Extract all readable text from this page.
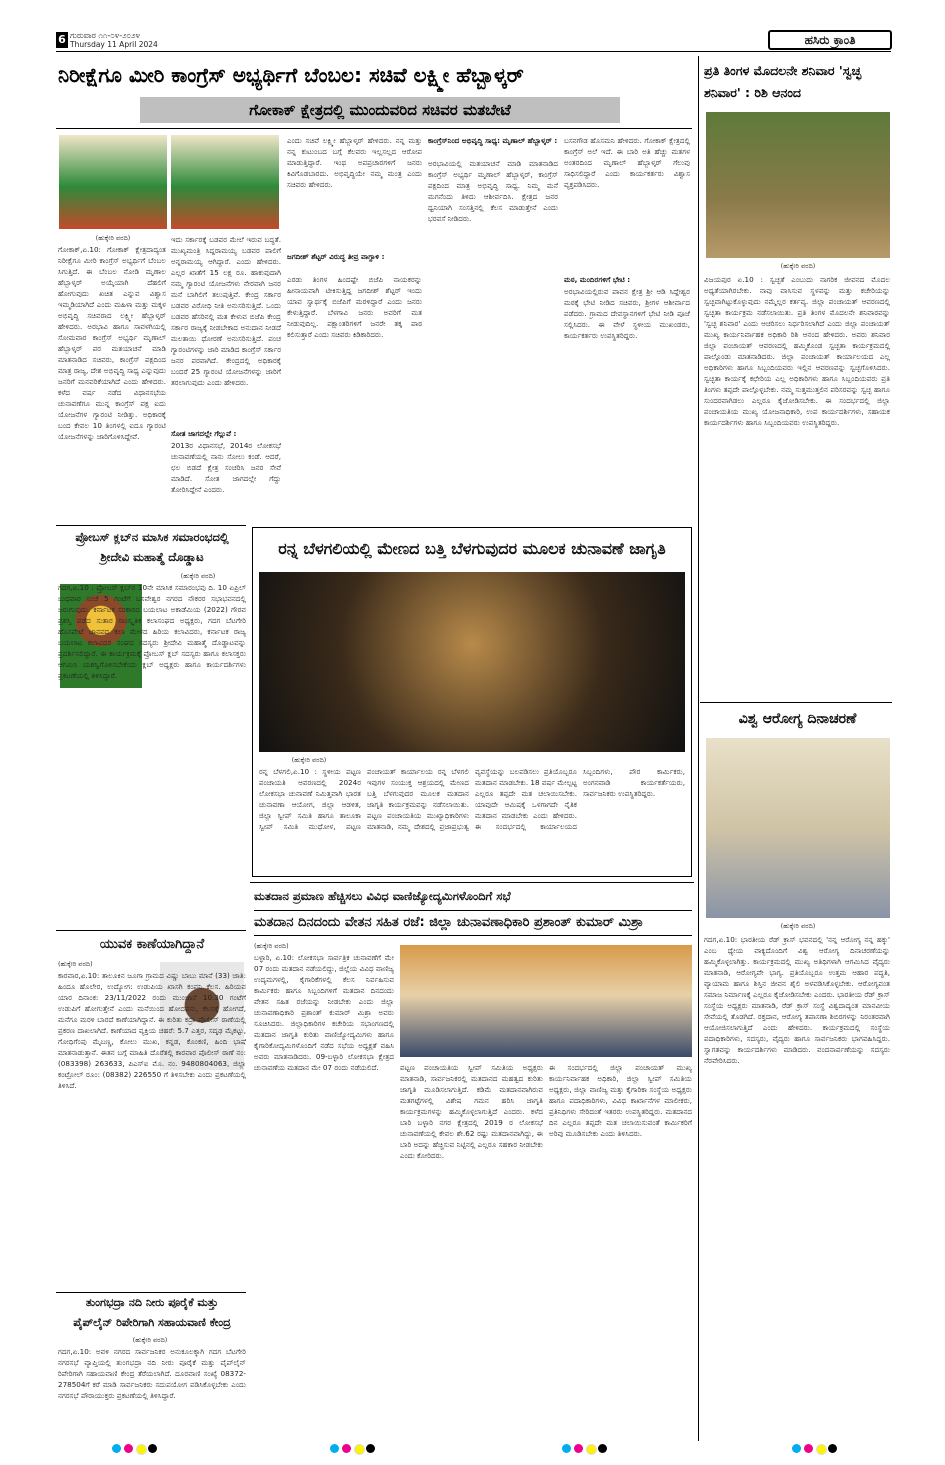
6 ಗುರುವಾರ ೧೧-೦೪-೨೦೨೪
Thursday 11 April 2024	ಹಸಿರು ಕ್ರಾಂತಿ
ನಿರೀಕ್ಷೆಗೂ ಮೀರಿ ಕಾಂಗ್ರೆಸ್ ಅಭ್ಯರ್ಥಿಗೆ ಬೆಂಬಲ: ಸಚಿವೆ ಲಕ್ಷ್ಮೀ ಹೆಬ್ಬಾಳ್ಕರ್
ಗೋಕಾಕ್ ಕ್ಷೇತ್ರದಲ್ಲಿ ಮುಂದುವರಿದ ಸಚಿವರ ಮತಬೇಟೆ
(ಹುಕ್ಕೇರಿ ವರದಿ)
ಗೋಕಾಕ್,ಏ.10: ಗೋಕಾಕ್ ಕ್ಷೇತ್ರದಾದ್ಯಂತ ನಿರೀಕ್ಷೆಗೂ ಮೀರಿ ಕಾಂಗ್ರೆಸ್ ಅಭ್ಯರ್ಥಿಗೆ ಬೆಂಬಲ ಸಿಗುತ್ತಿದೆ. ಈ ಬೆಂಬಲ ನೋಡಿ ಮೃಣಾಲ ಹೆಬ್ಬಾಳ್ಕರ್ ಅಯ್ಕೆಯಾಗಿ ದೆಹಲಿಗೆ ಹೋಗುವುದು ಖಚಿತ ಎನ್ನುವ ವಿಶ್ವಾಸ ಇಮ್ಮಡಿಯಾಗಿದೆ ಎಂದು ಮಹಿಳಾ ಮತ್ತು ಮಕ್ಕಳ ಅಭಿವೃದ್ಧಿ ಸಚಿವರಾದ ಲಕ್ಷ್ಮೀ ಹೆಬ್ಬಾಳ್ಕರ್ ಹೇಳಿದರು. ಅರಭಾವಿ ಹಾಗೂ ಸಾವಳಗಿಯಲ್ಲಿ ಸೋಮವಾರ ಕಾಂಗ್ರೆಸ್ ಅಭ್ಯರ್ಥಿ ಮೃಣಾಲ್ ಹೆಬ್ಬಾಳ್ಕರ್ ಪರ ಮತಯಾಚನೆ ಮಾಡಿ ಮಾತನಾಡಿದ ಸಚಿವರು, ಕಾಂಗ್ರೆಸ್ ಪಕ್ಷದಿಂದ ಮಾತ್ರ ರಾಜ್ಯ, ದೇಶ ಅಭಿವೃದ್ಧಿ ಸಾಧ್ಯ ಎನ್ನುವುದು ಜನರಿಗೆ ಮನವರಿಕೆಯಾಗಿದೆ ಎಂದು ಹೇಳಿದರು. ಕಳೆದ ವರ್ಷ ನಡೆದ ವಿಧಾನಸಭೆಯ ಚುನಾವಣೆಗೂ ಮುನ್ನ ಕಾಂಗ್ರೆಸ್ ಪಕ್ಷ ಐದು ಯೋಜನೆಗಳ ಗ್ಯಾರಂಟಿ ನೀಡಿತ್ತು. ಅಧಿಕಾರಕ್ಕೆ ಬಂದ ಕೇವಲ 10 ತಿಂಗಳಲ್ಲಿ ಐದೂ ಗ್ಯಾರಂಟಿ ಯೋಜನೆಗಳನ್ನು ಜಾರಿಗೊಳಿಸಿದ್ದೇವೆ.
ಇದು ಸರ್ಕಾರಕ್ಕೆ ಬಡವರ ಮೇಲೆ ಇರುವ ಬದ್ಧತೆ. ಮುಖ್ಯಮಂತ್ರಿ ಸಿದ್ದರಾಮಯ್ಯ ಬಡವರ ಪಾಲಿಗೆ ಅನ್ನರಾಮಯ್ಯ ಆಗಿದ್ದಾರೆ. ಎಂದು ಹೇಳಿದರು. ಎಲ್ಲರ ಖಾತೆಗೆ 15 ಲಕ್ಷ ರೂ. ಹಾಕುವುದಾಗಿ ನಮ್ಮ ಗ್ಯಾರಂಟಿ ಯೋಜನೆಗಳು ನೇರವಾಗಿ ಜನರ ಮನೆ ಬಾಗಿಲಿಗೆ ತಲುಪುತ್ತಿವೆ. ಕೇಂದ್ರ ಸರ್ಕಾರ ಬಡವರ ವಿರೋಧಿ ನೀತಿ ಅನುಸರಿಸುತ್ತಿದೆ. ಒಂದು ಬಡವರ ಹೆಸರಿನಲ್ಲಿ ಮತ ಕೇಳುವ ಬಿಜೆಪಿ ಕೇಂದ್ರ ಸರ್ಕಾರ ರಾಜ್ಯಕ್ಕೆ ನೀಡಬೇಕಾದ ಅನುದಾನ ನೀಡದೆ ಮಲತಾಯಿ ಧೋರಣೆ ಅನುಸರಿಸುತ್ತಿದೆ. ಪಂಚ ಗ್ಯಾರಂಟಿಗಳನ್ನು ಜಾರಿ ಮಾಡಿದ ಕಾಂಗ್ರೆಸ್ ಸರ್ಕಾರ ಜನರ ಪರವಾಗಿದೆ. ಕೇಂದ್ರದಲ್ಲಿ ಅಧಿಕಾರಕ್ಕೆ ಬಂದರೆ 25 ಗ್ಯಾರಂಟಿ ಯೋಜನೆಗಳನ್ನು ಜಾರಿಗೆ ತರಲಾಗುವುದು ಎಂದು ಹೇಳಿದರು.
ಸೋತ ಜಾಗದಲ್ಲೇ ಗೆಲ್ಲುವೆ :
2013ರ ವಿಧಾನಸಭೆ, 2014ರ ಲೋಕಸಭೆ ಚುನಾವಣೆಯಲ್ಲಿ ನಾನು ಸೋಲು ಕಂಡೆ. ಆದರೆ, ಛಲ ಬಿಡದೆ ಕ್ಷೇತ್ರ ಸಂಚರಿಸಿ ಜನರ ಸೇವೆ ಮಾಡಿದೆ. ಸೋತ ಜಾಗದಲ್ಲೇ ಗೆದ್ದು ತೋರಿಸಿದ್ದೇನೆ ಎಂದರು.
ಎಂದು ಸಚಿವೆ ಲಕ್ಷ್ಮೀ ಹೆಬ್ಬಾಳ್ಕರ್ ಹೇಳಿದರು. ನನ್ನ ಮತ್ತು ನನ್ನ ಕುಟುಂಬದ ಬಗ್ಗೆ ಕೆಲವರು ಇಲ್ಲಸಲ್ಲದ ಆರೋಪ ಮಾಡುತ್ತಿದ್ದಾರೆ. ಇಂಥ ಅಪಪ್ರಚಾರಗಳಿಗೆ ಜನರು ಕಿವಿಗೊಡಬಾರದು. ಅಭಿವೃದ್ಧಿಯೇ ನಮ್ಮ ಮಂತ್ರ ಎಂದು ಸಚಿವರು ಹೇಳಿದರು.
ಜಗದೀಶ್ ಶೆಟ್ಟರ್ ವಿರುದ್ಧ ತೀವ್ರ ವಾಗ್ದಾಳಿ :
ಎರಡು ತಿಂಗಳ ಹಿಂದಷ್ಟೇ ಬಿಜೆಪಿ ನಾಯಕರನ್ನು ಹೀನಾಯವಾಗಿ ಟೀಕಿಸುತ್ತಿದ್ದ ಜಗದೀಶ್ ಶೆಟ್ಟರ್ ಇಂದು ಯಾವ ಸ್ವಾರ್ಥಕ್ಕೆ ಬಿಜೆಪಿಗೆ ಮರಳಿದ್ದಾರೆ ಎಂದು ಜನರು ಕೇಳುತ್ತಿದ್ದಾರೆ. ಬೆಳಗಾವಿ ಜನರು ಅವರಿಗೆ ಮತ ನೀಡುವುದಿಲ್ಲ. ಪಕ್ಷಾಂತರಿಗಳಿಗೆ ಜನರೇ ತಕ್ಕ ಪಾಠ ಕಲಿಸುತ್ತಾರೆ ಎಂದು ಸಚಿವರು ಕಿಡಿಕಾರಿದರು.
ಕಾಂಗ್ರೆಸ್‌ನಿಂದ ಅಭಿವೃದ್ಧಿ ಸಾಧ್ಯ: ಮೃಣಾಲ್ ಹೆಬ್ಬಾಳ್ಕರ್ :
ಅರಭಾವಿಯಲ್ಲಿ ಮತಯಾಚನೆ ಮಾಡಿ ಮಾತನಾಡಿದ ಕಾಂಗ್ರೆಸ್ ಅಭ್ಯರ್ಥಿ ಮೃಣಾಲ್ ಹೆಬ್ಬಾಳ್ಕರ್, ಕಾಂಗ್ರೆಸ್ ಪಕ್ಷದಿಂದ ಮಾತ್ರ ಅಭಿವೃದ್ಧಿ ಸಾಧ್ಯ. ನಿಮ್ಮ ಮನೆ ಮಗನೆಂದು ತಿಳಿದು ಆಶೀರ್ವದಿಸಿ. ಕ್ಷೇತ್ರದ ಜನರ ಧ್ವನಿಯಾಗಿ ಸಂಸತ್ತಿನಲ್ಲಿ ಕೆಲಸ ಮಾಡುತ್ತೇನೆ ಎಂದು ಭರವಸೆ ನೀಡಿದರು.
ಬಸನಗೌಡ ಹೊಸಮನಿ ಹೇಳಿದರು. ಗೋಕಾಕ್ ಕ್ಷೇತ್ರದಲ್ಲಿ ಕಾಂಗ್ರೆಸ್ ಅಲೆ ಇದೆ. ಈ ಬಾರಿ ಅತಿ ಹೆಚ್ಚು ಮತಗಳ ಅಂತರದಿಂದ ಮೃಣಾಲ್ ಹೆಬ್ಬಾಳ್ಕರ್ ಗೆಲುವು ಸಾಧಿಸಲಿದ್ದಾರೆ ಎಂದು ಕಾರ್ಯಕರ್ತರು ವಿಶ್ವಾಸ ವ್ಯಕ್ತಪಡಿಸಿದರು.
ಮಠ, ಮಂದಿರಗಳಿಗೆ ಭೇಟಿ :
ಅರಭಾವಿಯಲ್ಲಿರುವ ಪಾವನ ಕ್ಷೇತ್ರ ಶ್ರೀ ಆಡಿ ಸಿದ್ದೇಶ್ವರ ಮಠಕ್ಕೆ ಭೇಟಿ ನೀಡಿದ ಸಚಿವರು, ಶ್ರೀಗಳ ಆಶೀರ್ವಾದ ಪಡೆದರು. ಗ್ರಾಮದ ದೇವಸ್ಥಾನಗಳಿಗೆ ಭೇಟಿ ನೀಡಿ ಪೂಜೆ ಸಲ್ಲಿಸಿದರು. ಈ ವೇಳೆ ಸ್ಥಳೀಯ ಮುಖಂಡರು, ಕಾರ್ಯಕರ್ತರು ಉಪಸ್ಥಿತರಿದ್ದರು.
ಪ್ರತಿ ತಿಂಗಳ ಮೊದಲನೇ ಶನಿವಾರ 'ಸ್ವಚ್ಛ ಶನಿವಾರ' : ರಿಶಿ ಆನಂದ
(ಹುಕ್ಕೇರಿ ವರದಿ)
ವಿಜಯಪುರ ಏ.10 : ಸ್ವಚ್ಛತೆ ಎಂಬುದು ನಾಗರಿಕ ಜೀವನದ ಮೊದಲ ಅಧ್ಯತೆಯಾಗಿರಬೇಕು. ನಾವು ವಾಸಿಸುವ ಸ್ಥಳವನ್ನು ಮತ್ತು ಕಚೇರಿಯನ್ನು ಸ್ವಚ್ಛವಾಗಿಟ್ಟುಕೊಳ್ಳುವುದು ನಮ್ಮೆಲ್ಲರ ಕರ್ತವ್ಯ. ಜಿಲ್ಲಾ ಪಂಚಾಯತ್ ಆವರಣದಲ್ಲಿ ಸ್ವಚ್ಛತಾ ಕಾರ್ಯಕ್ರಮ ನಡೆಸಲಾಯಿತು. ಪ್ರತಿ ತಿಂಗಳ ಮೊದಲನೇ ಶನಿವಾರವನ್ನು 'ಸ್ವಚ್ಛ ಶನಿವಾರ' ಎಂದು ಆಚರಿಸಲು ನಿರ್ಧರಿಸಲಾಗಿದೆ ಎಂದು ಜಿಲ್ಲಾ ಪಂಚಾಯತ್ ಮುಖ್ಯ ಕಾರ್ಯನಿರ್ವಾಹಕ ಅಧಿಕಾರಿ ರಿಶಿ ಆನಂದ ಹೇಳಿದರು. ಅವರು ಶನಿವಾರ ಜಿಲ್ಲಾ ಪಂಚಾಯತ್ ಆವರಣದಲ್ಲಿ ಹಮ್ಮಿಕೊಂಡ ಸ್ವಚ್ಛತಾ ಕಾರ್ಯಕ್ರಮದಲ್ಲಿ ಪಾಲ್ಗೊಂಡು ಮಾತನಾಡಿದರು. ಜಿಲ್ಲಾ ಪಂಚಾಯತ್ ಕಾರ್ಯಾಲಯದ ಎಲ್ಲ ಅಧಿಕಾರಿಗಳು ಹಾಗೂ ಸಿಬ್ಬಂದಿಯವರು ಇಲ್ಲಿನ ಆವರಣವನ್ನು ಸ್ವಚ್ಛಗೊಳಿಸಿದರು. ಸ್ವಚ್ಛತಾ ಕಾರ್ಯಕ್ಕೆ ಕಛೇರಿಯ ಎಲ್ಲ ಅಧಿಕಾರಿಗಳು ಹಾಗೂ ಸಿಬ್ಬಂದಿಯವರು ಪ್ರತಿ ತಿಂಗಳು ತಪ್ಪದೇ ಪಾಲ್ಗೊಳ್ಳಬೇಕು. ನಮ್ಮ ಸುತ್ತಮುತ್ತಲಿನ ಪರಿಸರವನ್ನು ಸ್ವಚ್ಛ ಹಾಗೂ ಸುಂದರವಾಗಿಡಲು ಎಲ್ಲರೂ ಕೈಜೋಡಿಸಬೇಕು. ಈ ಸಂದರ್ಭದಲ್ಲಿ ಜಿಲ್ಲಾ ಪಂಚಾಯತಿಯ ಮುಖ್ಯ ಯೋಜನಾಧಿಕಾರಿ, ಉಪ ಕಾರ್ಯದರ್ಶಿಗಳು, ಸಹಾಯಕ ಕಾರ್ಯದರ್ಶಿಗಳು ಹಾಗೂ ಸಿಬ್ಬಂದಿಯವರು ಉಪಸ್ಥಿತರಿದ್ದರು.
ಪ್ರೋಬಸ್ ಕ್ಲಬ್‌ನ ಮಾಸಿಕ ಸಮಾರಂಭದಲ್ಲಿ
ಶ್ರೀದೇವಿ ಮಹಾತ್ಮೆ ದೊಡ್ಡಾಟ
(ಹುಕ್ಕೇರಿ ವರದಿ)
ಗದಗ,ಏ.10 : ಪ್ರೋಬಸ್ ಕ್ಲಬ್‌ನ 10ನೇ ಮಾಸಿಕ ಸಮಾರಂಭವು ದಿ. 10 ಏಪ್ರಿಲ್ ಬುಧವಾರ ಸಂಜೆ 5 ಗಂಟೆಗೆ ಬಸವೇಶ್ವರ ನಗರದ ನೌಕರರ ಸಭಾಭವನದಲ್ಲಿ ಜರುಗುವುದು. ಕರ್ನಾಟಕ ಸರಕಾರದ ಬಯಲಾಟ ಅಕಾಡೆಮಿಯ (2022) ಗೌರವ ಪ್ರಶಸ್ತಿ ಪಡೆದ ಸುತಾರ ಸಾಂಸ್ಕೃತಿಕ ಕಲಾಸಂಘದ ಅಧ್ಯಕ್ಷರು, ಗದಗ ಬೆಟಗೇರಿ ಹೊಸಪೇಟೆ ಜಾನಪದ ಕಲಾ ಮೇಳದ ಹಿರಿಯ ಕಲಾವಿದರು, ಕರ್ನಾಟಕ ರಾಜ್ಯ ಬಯಲಾಟ ಕಲಾವಿದರ ಸಂಘದ ಸದಸ್ಯರು ಶ್ರೀದೇವಿ ಮಹಾತ್ಮೆ ದೊಡ್ಡಾಟವನ್ನು ಪ್ರದರ್ಶಿಸಲಿದ್ದಾರೆ. ಈ ಕಾರ್ಯಕ್ರಮಕ್ಕೆ ಪ್ರೋಬಸ್ ಕ್ಲಬ್ ಸದಸ್ಯರು ಹಾಗೂ ಕಲಾಸಕ್ತರು ಆಗಮಿಸಿ ಯಶಸ್ವಿಗೊಳಿಸಬೇಕೆಂದು ಕ್ಲಬ್ ಅಧ್ಯಕ್ಷರು ಹಾಗೂ ಕಾರ್ಯದರ್ಶಿಗಳು ಪ್ರಕಟಣೆಯಲ್ಲಿ ತಿಳಿಸಿದ್ದಾರೆ.
ರನ್ನ ಬೆಳಗಲಿಯಲ್ಲಿ ಮೇಣದ ಬತ್ತಿ ಬೆಳಗುವುದರ ಮೂಲಕ ಚುನಾವಣೆ ಜಾಗೃತಿ
(ಹುಕ್ಕೇರಿ ವರದಿ)
ರನ್ನ ಬೆಳಗಲಿ,ಏ.10 : ಸ್ಥಳೀಯ ಪಟ್ಟಣ ಪಂಚಾಯತಿ ಆವರಣದಲ್ಲಿ 2024ರ ಲೋಕಸಭಾ ಚುನಾವಣೆ ನಿಮಿತ್ತವಾಗಿ ಭಾರತ ಚುನಾವಣಾ ಆಯೋಗ, ಜಿಲ್ಲಾ ಆಡಳಿತ, ಜಿಲ್ಲಾ ಸ್ವೀಪ್ ಸಮಿತಿ ಹಾಗೂ ತಾಲೂಕಾ ಸ್ವೀಪ್ ಸಮಿತಿ ಮುಧೋಳ, ಪಟ್ಟಣ ಪಂಚಾಯತ್ ಕಾರ್ಯಾಲಯ ರನ್ನ ಬೆಳಗಲಿ ಇವುಗಳ ಸಂಯುಕ್ತ ಆಶ್ರಯದಲ್ಲಿ ಮೇಣದ ಬತ್ತಿ ಬೆಳಗುವುದರ ಮೂಲಕ ಮತದಾನ ಜಾಗೃತಿ ಕಾರ್ಯಕ್ರಮವನ್ನು ನಡೆಸಲಾಯಿತು. ಪಟ್ಟಣ ಪಂಚಾಯತಿಯ ಮುಖ್ಯಾಧಿಕಾರಿಗಳು ಮಾತನಾಡಿ, ನಮ್ಮ ದೇಶದಲ್ಲಿ ಪ್ರಜಾಪ್ರಭುತ್ವ ವ್ಯವಸ್ಥೆಯನ್ನು ಬಲಪಡಿಸಲು ಪ್ರತಿಯೊಬ್ಬರೂ ಮತದಾನ ಮಾಡಬೇಕು. 18 ವರ್ಷ ಮೇಲ್ಪಟ್ಟ ಎಲ್ಲರೂ ತಪ್ಪದೇ ಮತ ಚಲಾಯಿಸಬೇಕು. ಯಾವುದೇ ಆಮಿಷಕ್ಕೆ ಒಳಗಾಗದೇ ನೈತಿಕ ಮತದಾನ ಮಾಡಬೇಕು ಎಂದು ಹೇಳಿದರು. ಈ ಸಂದರ್ಭದಲ್ಲಿ ಕಾರ್ಯಾಲಯದ ಸಿಬ್ಬಂದಿಗಳು, ಪೌರ ಕಾರ್ಮಿಕರು, ಅಂಗನವಾಡಿ ಕಾರ್ಯಕರ್ತೆಯರು, ಸಾರ್ವಜನಿಕರು ಉಪಸ್ಥಿತರಿದ್ದರು.
ವಿಶ್ವ ಆರೋಗ್ಯ ದಿನಾಚರಣೆ
(ಹುಕ್ಕೇರಿ ವರದಿ)
ಗದಗ,ಏ.10: ಭಾರತೀಯ ರೆಡ್ ಕ್ರಾಸ್ ಭವನದಲ್ಲಿ 'ನನ್ನ ಆರೋಗ್ಯ ನನ್ನ ಹಕ್ಕು' ಎಂಬ ಧ್ಯೇಯ ವಾಕ್ಯದೊಂದಿಗೆ ವಿಶ್ವ ಆರೋಗ್ಯ ದಿನಾಚರಣೆಯನ್ನು ಹಮ್ಮಿಕೊಳ್ಳಲಾಗಿತ್ತು. ಕಾರ್ಯಕ್ರಮದಲ್ಲಿ ಮುಖ್ಯ ಅತಿಥಿಗಳಾಗಿ ಆಗಮಿಸಿದ ವೈದ್ಯರು ಮಾತನಾಡಿ, ಆರೋಗ್ಯವೇ ಭಾಗ್ಯ. ಪ್ರತಿಯೊಬ್ಬರೂ ಉತ್ತಮ ಆಹಾರ ಪದ್ಧತಿ, ವ್ಯಾಯಾಮ ಹಾಗೂ ಶಿಸ್ತಿನ ಜೀವನ ಶೈಲಿ ಅಳವಡಿಸಿಕೊಳ್ಳಬೇಕು. ಆರೋಗ್ಯವಂತ ಸಮಾಜ ನಿರ್ಮಾಣಕ್ಕೆ ಎಲ್ಲರೂ ಕೈಜೋಡಿಸಬೇಕು ಎಂದರು. ಭಾರತೀಯ ರೆಡ್ ಕ್ರಾಸ್ ಸಂಸ್ಥೆಯ ಅಧ್ಯಕ್ಷರು ಮಾತನಾಡಿ, ರೆಡ್ ಕ್ರಾಸ್ ಸಂಸ್ಥೆ ವಿಶ್ವದಾದ್ಯಂತ ಮಾನವೀಯ ಸೇವೆಯಲ್ಲಿ ತೊಡಗಿದೆ. ರಕ್ತದಾನ, ಆರೋಗ್ಯ ತಪಾಸಣಾ ಶಿಬಿರಗಳನ್ನು ನಿರಂತರವಾಗಿ ಆಯೋಜಿಸಲಾಗುತ್ತಿದೆ ಎಂದು ಹೇಳಿದರು. ಕಾರ್ಯಕ್ರಮದಲ್ಲಿ ಸಂಸ್ಥೆಯ ಪದಾಧಿಕಾರಿಗಳು, ಸದಸ್ಯರು, ವೈದ್ಯರು ಹಾಗೂ ಸಾರ್ವಜನಿಕರು ಭಾಗವಹಿಸಿದ್ದರು. ಸ್ವಾಗತವನ್ನು ಕಾರ್ಯದರ್ಶಿಗಳು ಮಾಡಿದರು. ವಂದನಾರ್ಪಣೆಯನ್ನು ಸದಸ್ಯರು ನೆರವೇರಿಸಿದರು.
ಯುವಕ ಕಾಣೆಯಾಗಿದ್ದಾನೆ
(ಹುಕ್ಕೇರಿ ವರದಿ)
ಕಾರವಾರ,ಏ.10: ತಾಲೂಕಿನ ಜೂಗಾ ಗ್ರಾಮದ ವಿಷ್ಣು ಬಾಬು ಮಾನೆ (33) ಜಾತಿ: ಹಿಂದೂ ಹೊಲೇರ, ಉದ್ಯೋಗ: ಉಡುಪಿಯ ಖಾಸಗಿ ಕಂಪನಿ ಕೆಲಸ. ಹಿರಿಯವ ಯಾರ ದಿನಾಂಕ: 23/11/2022 ರಂದು ಮುಂಜಾನೆ 10.30 ಗಂಟೆಗೆ ಉಡುಪಿಗೆ ಹೋಗುತ್ತೇನೆ ಎಂದು ಮನೆಯಿಂದ ಹೋದವನು, ಕೆಲಸಕ್ಕೆ ಹೋಗದೆ, ಮನೆಗೂ ಮರಳಿ ಬಾರದೆ ಕಾಣೆಯಾಗಿದ್ದಾನೆ. ಈ ಕುರಿತು ಕದ್ರಾ ಪೊಲೀಸ್ ಠಾಣೆಯಲ್ಲಿ ಪ್ರಕರಣ ದಾಖಲಾಗಿದೆ. ಕಾಣೆಯಾದ ವ್ಯಕ್ತಿಯ ಚಹರೆ: 5.7 ಎತ್ತರ, ಸದೃಢ ಮೈಕಟ್ಟು, ಗೋಧಿಗೆಂಪು ಮೈಬಣ್ಣ, ಕೋಲು ಮುಖ, ಕನ್ನಡ, ಕೊಂಕಣಿ, ಹಿಂದಿ ಭಾಷೆ ಮಾತನಾಡುತ್ತಾನೆ. ಈತನ ಬಗ್ಗೆ ಮಾಹಿತಿ ದೊರೆತಲ್ಲಿ ಕಾರವಾರ ಪೊಲೀಸ್ ಠಾಣೆ ನಂ: (083398) 263633, ಪಿಎಸ್‌ಐ ಮೊ. ನಂ. 9480804063, ಜಿಲ್ಲಾ ಕಂಟ್ರೋಲ್ ರೂಂ: (08382) 226550 ಗೆ ತಿಳಿಸಬೇಕು ಎಂದು ಪ್ರಕಟಣೆಯಲ್ಲಿ ತಿಳಿಸಿದೆ.
ತುಂಗಭದ್ರಾ ನದಿ ನೀರು ಪೂರೈಕೆ ಮತ್ತು
ಪೈಪ್‌ಲೈನ್ ರಿಪೇರಿಗಾಗಿ ಸಹಾಯವಾಣಿ ಕೇಂದ್ರ
(ಹುಕ್ಕೇರಿ ವರದಿ)
ಗದಗ,ಏ.10: ಅವಳಿ ನಗರದ ಸಾರ್ವಜನಿಕರ ಅನುಕೂಲಕ್ಕಾಗಿ ಗದಗ ಬೆಟಗೇರಿ ನಗರಸಭೆ ವ್ಯಾಪ್ತಿಯಲ್ಲಿ ತುಂಗಭದ್ರಾ ನದಿ ನೀರು ಪೂರೈಕೆ ಮತ್ತು ಪೈಪ್‌ಲೈನ್ ರಿಪೇರಿಗಾಗಿ ಸಹಾಯವಾಣಿ ಕೇಂದ್ರ ತೆರೆಯಲಾಗಿದೆ. ದೂರವಾಣಿ ಸಂಖ್ಯೆ 08372-278504ಗೆ ಕರೆ ಮಾಡಿ ಸಾರ್ವಜನಿಕರು ಸದುಪಯೋಗ ಪಡಿಸಿಕೊಳ್ಳಬೇಕು ಎಂದು ನಗರಸಭೆ ಪೌರಾಯುಕ್ತರು ಪ್ರಕಟಣೆಯಲ್ಲಿ ತಿಳಿಸಿದ್ದಾರೆ.
ಮತದಾನ ಪ್ರಮಾಣ ಹೆಚ್ಚಿಸಲು ವಿವಿಧ ವಾಣಿಜ್ಯೋದ್ಯಮಿಗಳೊಂದಿಗೆ ಸಭೆ
ಮತದಾನ ದಿನದಂದು ವೇತನ ಸಹಿತ ರಜೆ: ಜಿಲ್ಲಾ ಚುನಾವಣಾಧಿಕಾರಿ ಪ್ರಶಾಂತ್ ಕುಮಾರ್ ಮಿಶ್ರಾ
(ಹುಕ್ಕೇರಿ ವರದಿ)
ಬಳ್ಳಾರಿ, ಏ.10: ಲೋಕಸಭಾ ಸಾರ್ವತ್ರಿಕ ಚುನಾವಣೆಗೆ ಮೇ 07 ರಂದು ಮತದಾನ ನಡೆಯಲಿದ್ದು, ಜಿಲ್ಲೆಯ ವಿವಿಧ ವಾಣಿಜ್ಯ ಉದ್ಯಮಗಳಲ್ಲಿ, ಕೈಗಾರಿಕೆಗಳಲ್ಲಿ ಕೆಲಸ ನಿರ್ವಹಿಸುವ ಕಾರ್ಮಿಕರು ಹಾಗೂ ಸಿಬ್ಬಂದಿಗಳಿಗೆ ಮತದಾನ ದಿನದಂದು ವೇತನ ಸಹಿತ ರಜೆಯನ್ನು ನೀಡಬೇಕು ಎಂದು ಜಿಲ್ಲಾ ಚುನಾವಣಾಧಿಕಾರಿ ಪ್ರಶಾಂತ್ ಕುಮಾರ್ ಮಿಶ್ರಾ ಅವರು ಸೂಚಿಸಿದರು. ಜಿಲ್ಲಾಧಿಕಾರಿಗಳ ಕಚೇರಿಯ ಸಭಾಂಗಣದಲ್ಲಿ ಮತದಾನ ಜಾಗೃತಿ ಕುರಿತು ವಾಣಿಜ್ಯೋದ್ಯಮಿಗಳು ಹಾಗೂ ಕೈಗಾರಿಕೋದ್ಯಮಿಗಳೊಂದಿಗೆ ನಡೆದ ಸಭೆಯ ಅಧ್ಯಕ್ಷತೆ ವಹಿಸಿ ಅವರು ಮಾತನಾಡಿದರು. 09-ಬಳ್ಳಾರಿ ಲೋಕಸಭಾ ಕ್ಷೇತ್ರದ ಚುನಾವಣೆಯ ಮತದಾನ ಮೇ 07 ರಂದು ನಡೆಯಲಿದೆ.	ಪಟ್ಟಣ ಪಂಚಾಯತಿಯ ಸ್ವೀಪ್ ಸಮಿತಿಯ ಅಧ್ಯಕ್ಷರು ಮಾತನಾಡಿ, ಸಾರ್ವಜನಿಕರಲ್ಲಿ ಮತದಾನದ ಮಹತ್ವದ ಕುರಿತು ಜಾಗೃತಿ ಮೂಡಿಸಲಾಗುತ್ತಿದೆ. ಕಡಿಮೆ ಮತದಾನವಾಗಿರುವ ಮತಗಟ್ಟೆಗಳಲ್ಲಿ ವಿಶೇಷ ಗಮನ ಹರಿಸಿ ಜಾಗೃತಿ ಕಾರ್ಯಕ್ರಮಗಳನ್ನು ಹಮ್ಮಿಕೊಳ್ಳಲಾಗುತ್ತಿದೆ ಎಂದರು. ಕಳೆದ ಬಾರಿ ಬಳ್ಳಾರಿ ನಗರ ಕ್ಷೇತ್ರದಲ್ಲಿ 2019 ರ ಲೋಕಸಭೆ ಚುನಾವಣೆಯಲ್ಲಿ ಕೇವಲ ಶೇ.62 ರಷ್ಟು ಮತದಾನವಾಗಿದ್ದು, ಈ ಬಾರಿ ಅದನ್ನು ಹೆಚ್ಚಿಸುವ ನಿಟ್ಟಿನಲ್ಲಿ ಎಲ್ಲರೂ ಸಹಕಾರ ನೀಡಬೇಕು ಎಂದು ಕೋರಿದರು.
ಈ ಸಂದರ್ಭದಲ್ಲಿ ಜಿಲ್ಲಾ ಪಂಚಾಯತ್ ಮುಖ್ಯ ಕಾರ್ಯನಿರ್ವಾಹಕ ಅಧಿಕಾರಿ, ಜಿಲ್ಲಾ ಸ್ವೀಪ್ ಸಮಿತಿಯ ಅಧ್ಯಕ್ಷರು, ಜಿಲ್ಲಾ ವಾಣಿಜ್ಯ ಮತ್ತು ಕೈಗಾರಿಕಾ ಸಂಸ್ಥೆಯ ಅಧ್ಯಕ್ಷರು ಹಾಗೂ ಪದಾಧಿಕಾರಿಗಳು, ವಿವಿಧ ಕಾರ್ಖಾನೆಗಳ ಮಾಲೀಕರು, ಪ್ರತಿನಿಧಿಗಳು ಸೇರಿದಂತೆ ಇತರರು ಉಪಸ್ಥಿತರಿದ್ದರು. ಮತದಾನದ ದಿನ ಎಲ್ಲರೂ ತಪ್ಪದೇ ಮತ ಚಲಾಯಿಸುವಂತೆ ಕಾರ್ಮಿಕರಿಗೆ ಅರಿವು ಮೂಡಿಸಬೇಕು ಎಂದು ತಿಳಿಸಿದರು.
